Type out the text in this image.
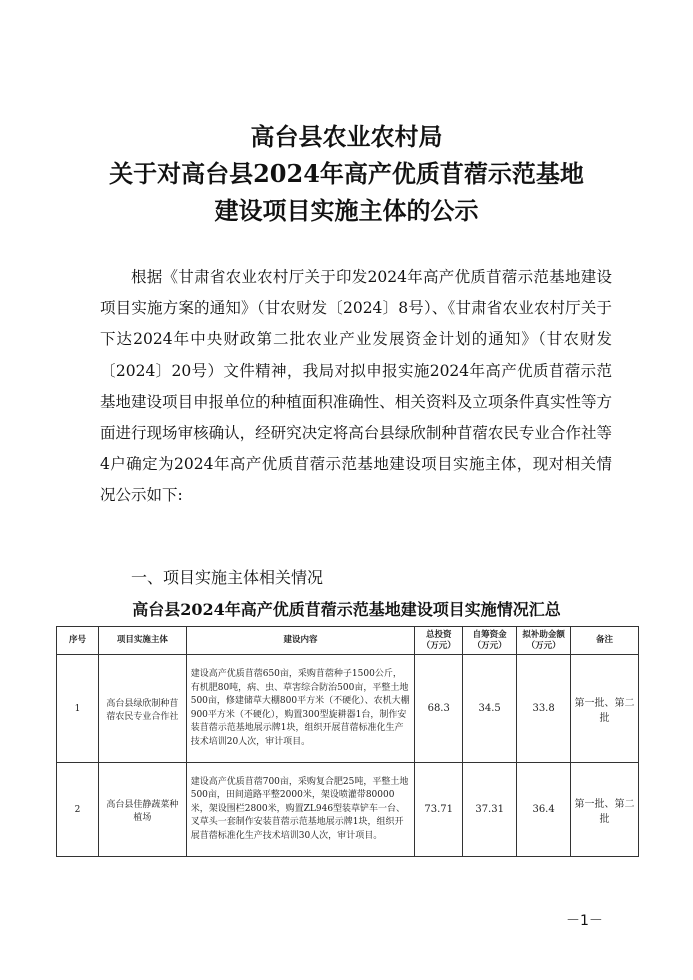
高台县农业农村局
关于对高台县2024年高产优质苜蓿示范基地
建设项目实施主体的公示

根据《甘肃省农业农村厅关于印发2024年高产优质苜蓿示范基地建设项目实施方案的通知》（甘农财发〔2024〕8号）、《甘肃省农业农村厅关于下达2024年中央财政第二批农业产业发展资金计划的通知》（甘农财发〔2024〕20号）文件精神，我局对拟申报实施2024年高产优质苜蓿示范基地建设项目申报单位的种植面积准确性、相关资料及立项条件真实性等方面进行现场审核确认，经研究决定将高台县绿欣制种苜蓿农民专业合作社等4户确定为2024年高产优质苜蓿示范基地建设项目实施主体，现对相关情况公示如下:

一、项目实施主体相关情况
高台县2024年高产优质苜蓿示范基地建设项目实施情况汇总
序号	项目实施主体	建设内容	总投资（万元）	自筹资金（万元）	拟补助金额（万元）	备注
1	高台县绿欣制种苜蓿农民专业合作社	建设高产优质苜蓿650亩，采购苜蓿种子1500公斤，有机肥80吨，病、虫、草害综合防治500亩，平整土地500亩，修建储草大棚800平方米（不硬化）、农机大棚900平方米（不硬化），购置300型旋耕器1台，制作安装苜蓿示范基地展示牌1块，组织开展苜蓿标准化生产技术培训20人次，审计项目。	68.3	34.5	33.8	第一批、第二批
2	高台县佳静蔬菜种植场	建设高产优质苜蓿700亩，采购复合肥25吨，平整土地500亩，田间道路平整2000米，架设喷灌带80000米，架设围栏2800米，购置ZL946型装草铲车一台、叉草头一套制作安装苜蓿示范基地展示牌1块，组织开展苜蓿标准化生产技术培训30人次，审计项目。	73.71	37.31	36.4	第一批、第二批
－1－
